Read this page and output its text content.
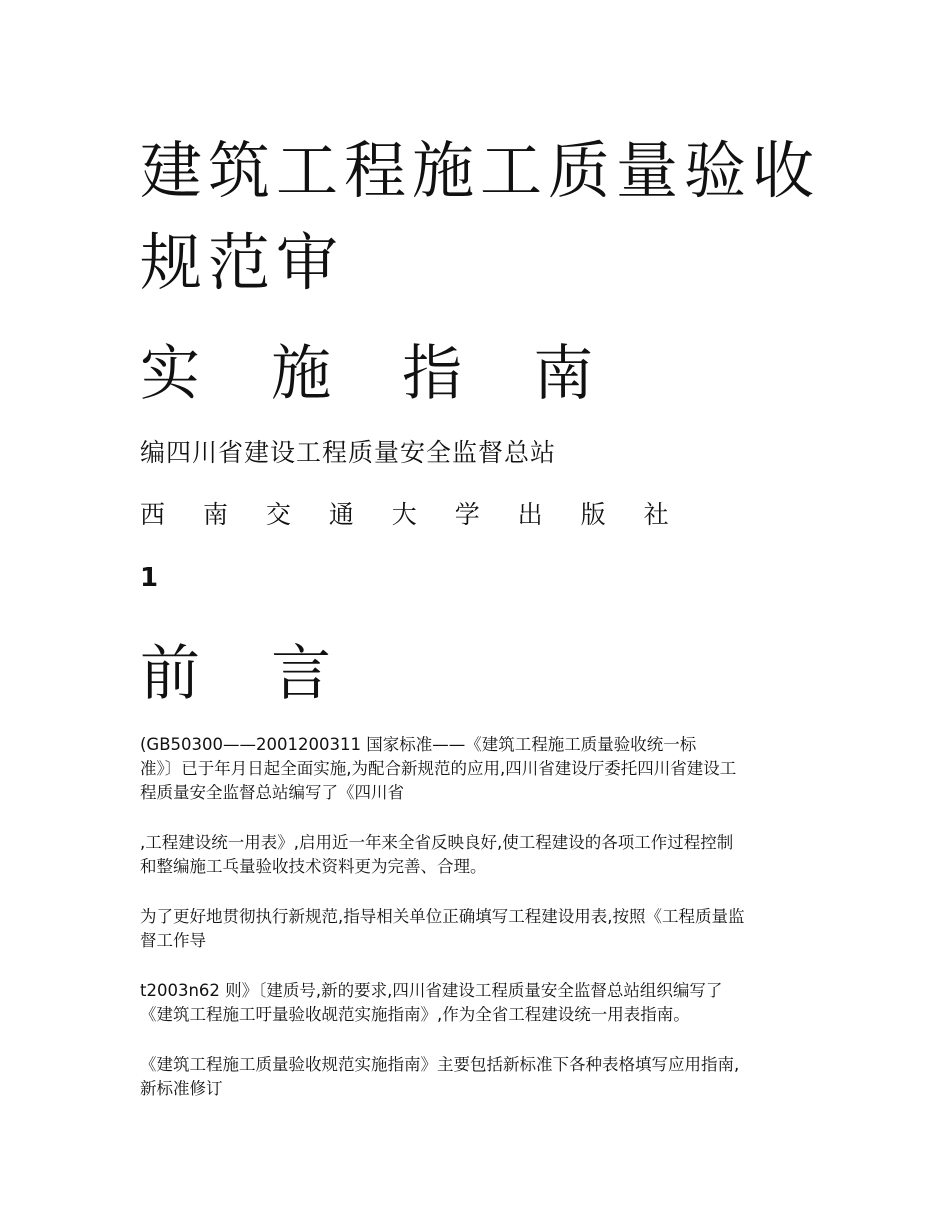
建筑工程施工质量验收
规范审
实 施 指 南
编四川省建设工程质量安全监督总站
西 南 交 通 大 学 出 版 社
1
前 言

(GB50300——2001200311 国家标准——《建筑工程施工质量验收统一标
准》〕已于年月日起全面实施,为配合新规范的应用,四川省建设厅委托四川省建设工
程质量安全监督总站编写了《四川省

,工程建设统一用表》,启用近一年来全省反映良好,使工程建设的各项工作过程控制
和整编施工乓量验收技术资料更为完善、合理。

为了更好地贯彻执行新规范,指导相关单位正确填写工程建设用表,按照《工程质量监
督工作导

t2003n62 则》〔建质号,新的要求,四川省建设工程质量安全监督总站组织编写了
《建筑工程施工吁量验收觇范实施指南》,作为全省工程建设统一用表指南。

《建筑工程施工质量验收规范实施指南》主要包括新标准下各种表格填写应用指南,
新标准修订
